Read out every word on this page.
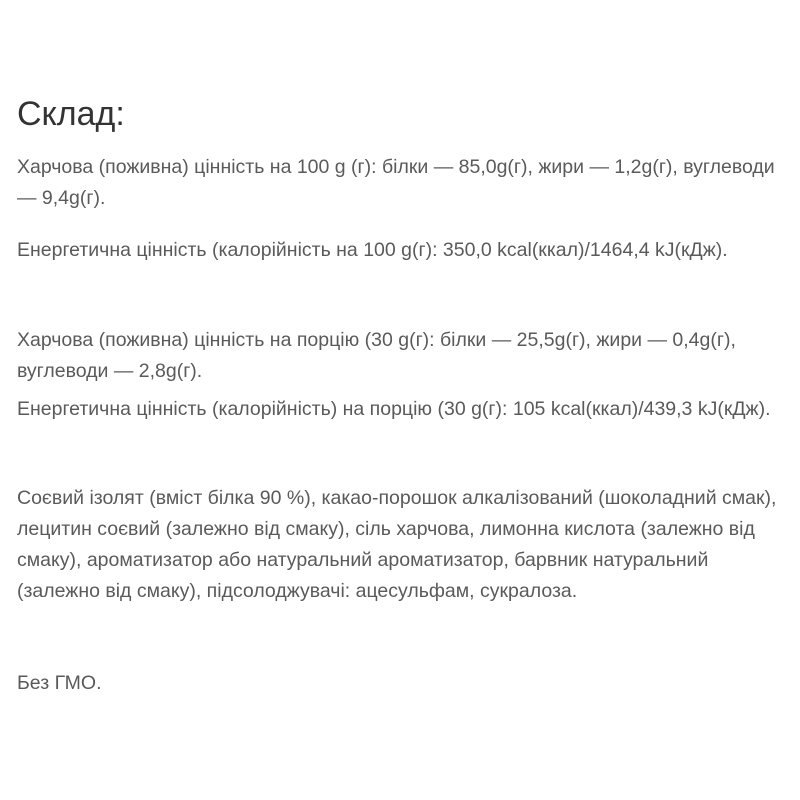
Склад:

Харчова (поживна) цінність на 100 g (г): білки — 85,0g(г), жири — 1,2g(г), вуглеводи — 9,4g(г).

Енергетична цінність (калорійність на 100 g(г): 350,0 kcal(ккал)/1464,4 kJ(кДж).

Харчова (поживна) цінність на порцію (30 g(г): білки — 25,5g(г), жири — 0,4g(г), вуглеводи — 2,8g(г).

Енергетична цінність (калорійність) на порцію (30 g(г): 105 kcal(ккал)/439,3 kJ(кДж).

Соєвий ізолят (вміст білка 90 %), какао-порошок алкалізований (шоколадний смак), лецитин соєвий (залежно від смаку), сіль харчова, лимонна кислота (залежно від смаку), ароматизатор або натуральний ароматизатор, барвник натуральний (залежно від смаку), підсолоджувачі: ацесульфам, сукралоза.

Без ГМО.
